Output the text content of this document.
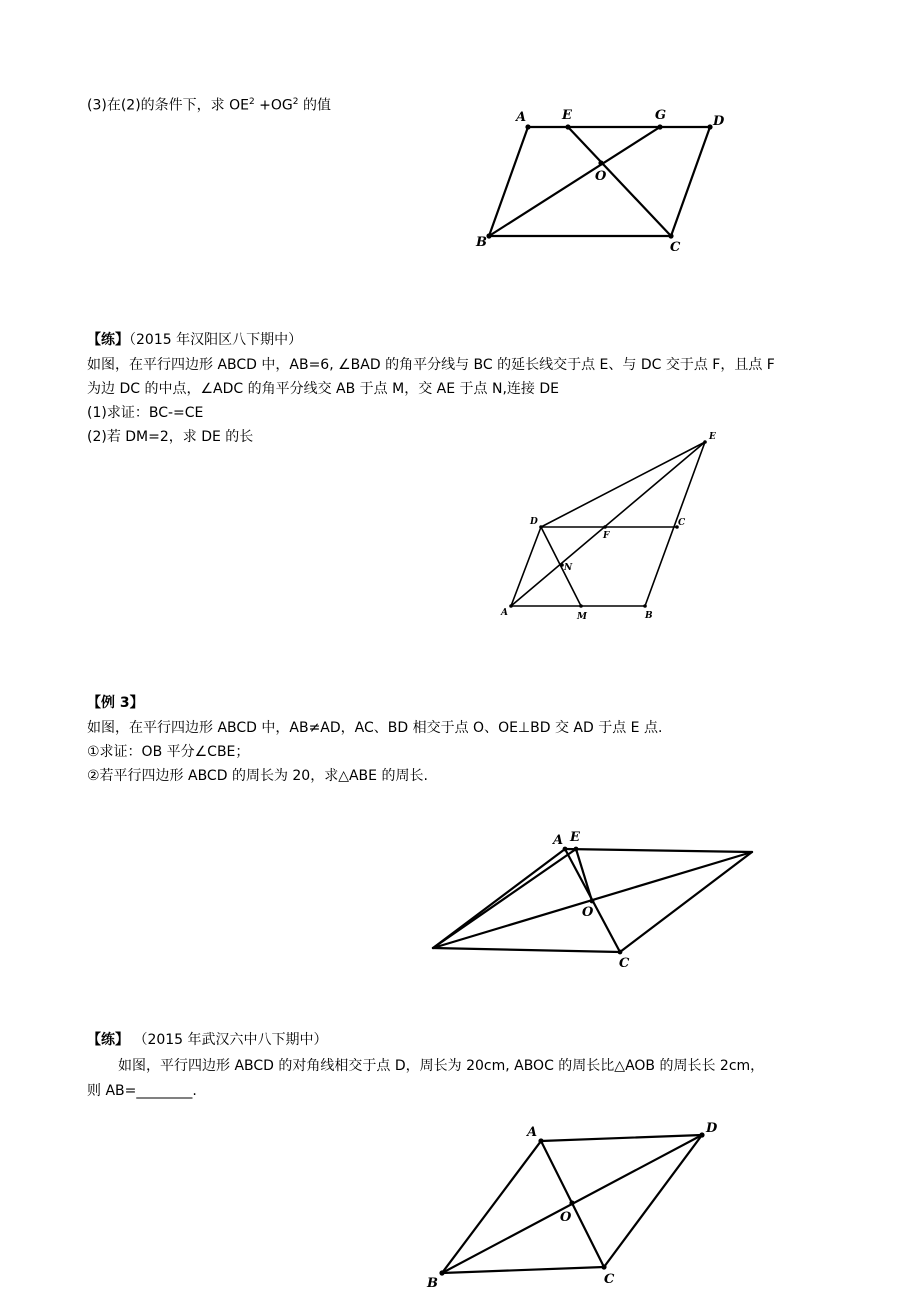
(3)在(2)的条件下，求 $OE^2 +OG^2$ 的值
A	E	G	D
O
B	C
【练】（2015 年汉阳区八下期中）
如图，在平行四边形 ABCD 中，AB=6, ∠BAD 的角平分线与 BC 的延长线交于点 E、与 DC 交于点 F，且点 F
为边 DC 的中点，∠ADC 的角平分线交 AB 于点 M，交 AE 于点 N,连接 DE
(1)求证：BC-=CE
(2)若 DM=2，求 DE 的长	E
D
F
C
N
A	M	B
【例 3】
如图，在平行四边形 ABCD 中，AB≠AD，AC、BD 相交于点 O、OE⊥BD 交 AD 于点 E 点.
①求证：OB 平分∠CBE；
②若平行四边形 ABCD 的周长为 20，求△ABE 的周长.
A E
O
C
【练】 （2015 年武汉六中八下期中）
如图，平行四边形 ABCD 的对角线相交于点 D，周长为 20cm, ABOC 的周长比△AOB 的周长长 2cm，
则 AB=________.
A	D
O
B	C
